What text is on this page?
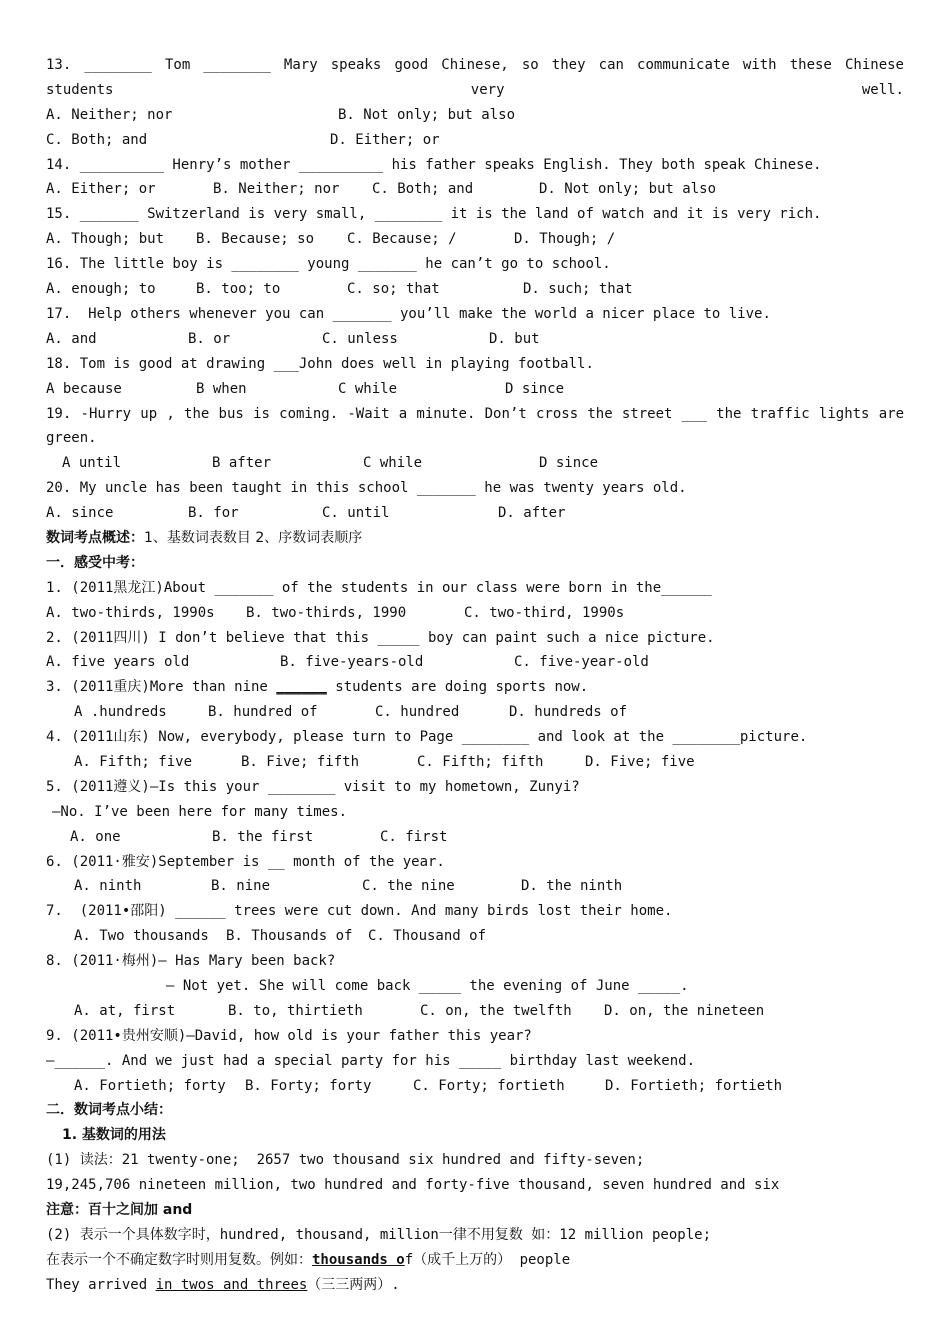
13. ________ Tom ________ Mary speaks good Chinese, so they can communicate with these Chinese students very well.
A. Neither; nor	B. Not only; but also
C. Both; and	D. Either; or
14. __________ Henry’s mother __________ his father speaks English. They both speak Chinese.
A. Either; or	B. Neither; nor C. Both; and	D. Not only; but also
15. _______ Switzerland is very small, ________ it is the land of watch and it is very rich.
A. Though; but B. Because; so C. Because; /	D. Though; /
16. The little boy is ________ young _______ he can’t go to school.
A. enough; to	B. too; to	C. so; that	D. such; that
17.  Help others whenever you can _______ you’ll make the world a nicer place to live.
A. and	B. or	C. unless	D. but
18. Tom is good at drawing ___John does well in playing football.
A because	B when	C while	D since
19. -Hurry up , the bus is coming. -Wait a minute. Don’t cross the street ___ the traffic lights are green.
A until	B after	C while	D since
20. My uncle has been taught in this school _______ he was twenty years old.
A. since	B. for	C. until	D. after
数词考点概述：1、基数词表数目 2、序数词表顺序
一．感受中考：
1. (2011黑龙江)About _______ of the students in our class were born in the______
A. two-thirds, 1990s B. two-thirds, 1990	C. two-third, 1990s
2. (2011四川) I don’t believe that this _____ boy can paint such a nice picture.
A. five years old	B. five-years-old	C. five-year-old
3. (2011重庆)More than nine ______ students are doing sports now.
A .hundreds	B. hundred of	C. hundred	D. hundreds of
4. (2011山东) Now, everybody, please turn to Page ________ and look at the ________picture.
A. Fifth; five	B. Five; fifth	C. Fifth; fifth	D. Five; five
5. (2011遵义)—Is this your ________ visit to my hometown, Zunyi?
—No. I’ve been here for many times.
A. one	B. the first	C. first
6. (2011·雅安)September is __ month of the year.
A. ninth	B. nine	C. the nine	D. the ninth
7.  (2011•邵阳) ______ trees were cut down. And many birds lost their home.
A. Two thousands B. Thousands of C. Thousand of
8. (2011·梅州)— Has Mary been back?
— Not yet. She will come back _____ the evening of June _____.
A. at, first	B. to, thirtieth	C. on, the twelfth D. on, the nineteen
9. (2011•贵州安顺)—David, how old is your father this year?
—______. And we just had a special party for his _____ birthday last weekend.
A. Fortieth; forty B. Forty; forty	C. Forty; fortieth	D. Fortieth; fortieth
二．数词考点小结：
1. 基数词的用法
(1) 读法：21 twenty-one;  2657 two thousand six hundred and fifty-seven;
19,245,706 nineteen million, two hundred and forty-five thousand, seven hundred and six
注意：百十之间加 and
(2) 表示一个具体数字时，hundred, thousand, million一律不用复数 如：12 million people;
在表示一个不确定数字时则用复数。例如：thousands of（成千上万的） people
They arrived in twos and threes（三三两两）.
